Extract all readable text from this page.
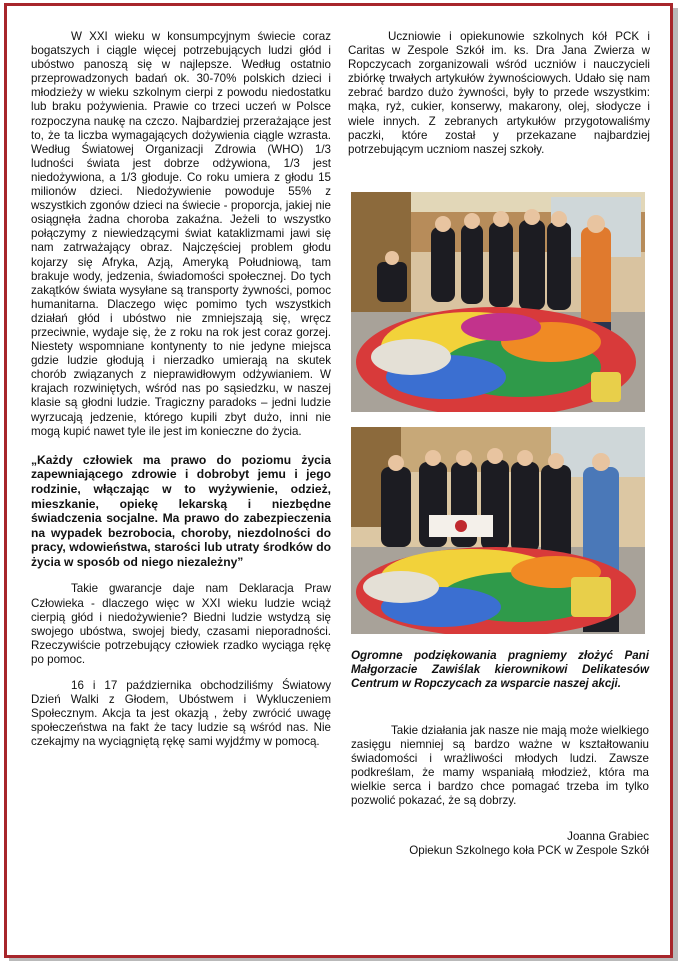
W XXI wieku w konsumpcyjnym świecie coraz bogatszych i ciągle więcej potrzebujących ludzi głód i ubóstwo panoszą się w najlepsze. Według ostatnio przeprowadzonych badań ok. 30-70% polskich dzieci i młodzieży w wieku szkolnym cierpi z powodu niedostatku lub braku pożywienia. Prawie co trzeci uczeń w Polsce rozpoczyna naukę na czczo. Najbardziej przerażające jest to, że ta liczba wymagających dożywienia ciągle wzrasta. Według Światowej Organizacji Zdrowia (WHO) 1/3 ludności świata jest dobrze odżywiona, 1/3 jest niedożywiona, a 1/3 głoduje. Co roku umiera z głodu 15 milionów dzieci. Niedożywienie powoduje 55% z wszystkich zgonów dzieci na świecie - proporcja, jakiej nie osiągnęła żadna choroba zakaźna. Jeżeli to wszystko połączymy z niewiedzącymi świat kataklizmami jawi się nam zatrważający obraz. Najczęściej problem głodu kojarzy się Afryka, Azją, Ameryką Południową, tam brakuje wody, jedzenia, świadomości społecznej. Do tych zakątków świata wysyłane są transporty żywności, pomoc humanitarna. Dlaczego więc pomimo tych wszystkich działań głód i ubóstwo nie zmniejszają się, wręcz przeciwnie, wydaje się, że z roku na rok jest coraz gorzej. Niestety wspomniane kontynenty to nie jedyne miejsca gdzie ludzie głodują i nierzadko umierają na skutek chorób związanych z nieprawidłowym odżywianiem. W krajach rozwiniętych, wśród nas po sąsiedzku, w naszej klasie są głodni ludzie. Tragiczny paradoks – jedni ludzie wyrzucają jedzenie, którego kupili zbyt dużo, inni nie mogą kupić nawet tyle ile jest im konieczne do życia.

„Każdy człowiek ma prawo do poziomu życia zapewniającego zdrowie i dobrobyt jemu i jego rodzinie, włączając w to wyżywienie, odzież, mieszkanie, opiekę lekarską i niezbędne świadczenia socjalne. Ma prawo do zabezpieczenia na wypadek bezrobocia, choroby, niezdolności do pracy, wdowieństwa, starości lub utraty środków do życia w sposób od niego niezależny”

Takie gwarancje daje nam Deklaracja Praw Człowieka - dlaczego więc w XXI wieku ludzie wciąż cierpią głód i niedożywienie? Biedni ludzie wstydzą się swojego ubóstwa, swojej biedy, czasami nieporadności. Rzeczywiście potrzebujący człowiek rzadko wyciąga rękę po pomoc.

16 i 17 października obchodziliśmy Światowy Dzień Walki z Głodem, Ubóstwem i Wykluczeniem Społecznym. Akcja ta jest okazją , żeby zwrócić uwagę społeczeństwa na fakt że tacy ludzie są wśród nas. Nie czekajmy na wyciągniętą rękę sami wyjdźmy w pomocą.

Uczniowie i opiekunowie szkolnych kół PCK i Caritas w Zespole Szkół im. ks. Dra Jana Zwierza w Ropczycach zorganizowali wśród uczniów i nauczycieli zbiórkę trwałych artykułów żywnościowych. Udało się nam zebrać bardzo dużo żywności, były to przede wszystkim: mąka, ryż, cukier, konserwy, makarony, olej, słodycze i wiele innych. Z zebranych artykułów przygotowaliśmy paczki, które został y przekazane najbardziej potrzebującym uczniom naszej szkoły.

Ogromne podziękowania pragniemy złożyć Pani Małgorzacie Zawiślak kierownikowi Delikatesów Centrum w Ropczycach za wsparcie naszej akcji.

Takie działania jak nasze nie mają może wielkiego zasięgu niemniej są bardzo ważne w kształtowaniu świadomości i wrażliwości młodych ludzi. Zawsze podkreślam, że mamy wspaniałą młodzież, która ma wielkie serca i bardzo chce pomagać trzeba im tylko pozwolić pokazać, że są dobrzy.

Joanna Grabiec
Opiekun Szkolnego koła PCK w Zespole Szkół
